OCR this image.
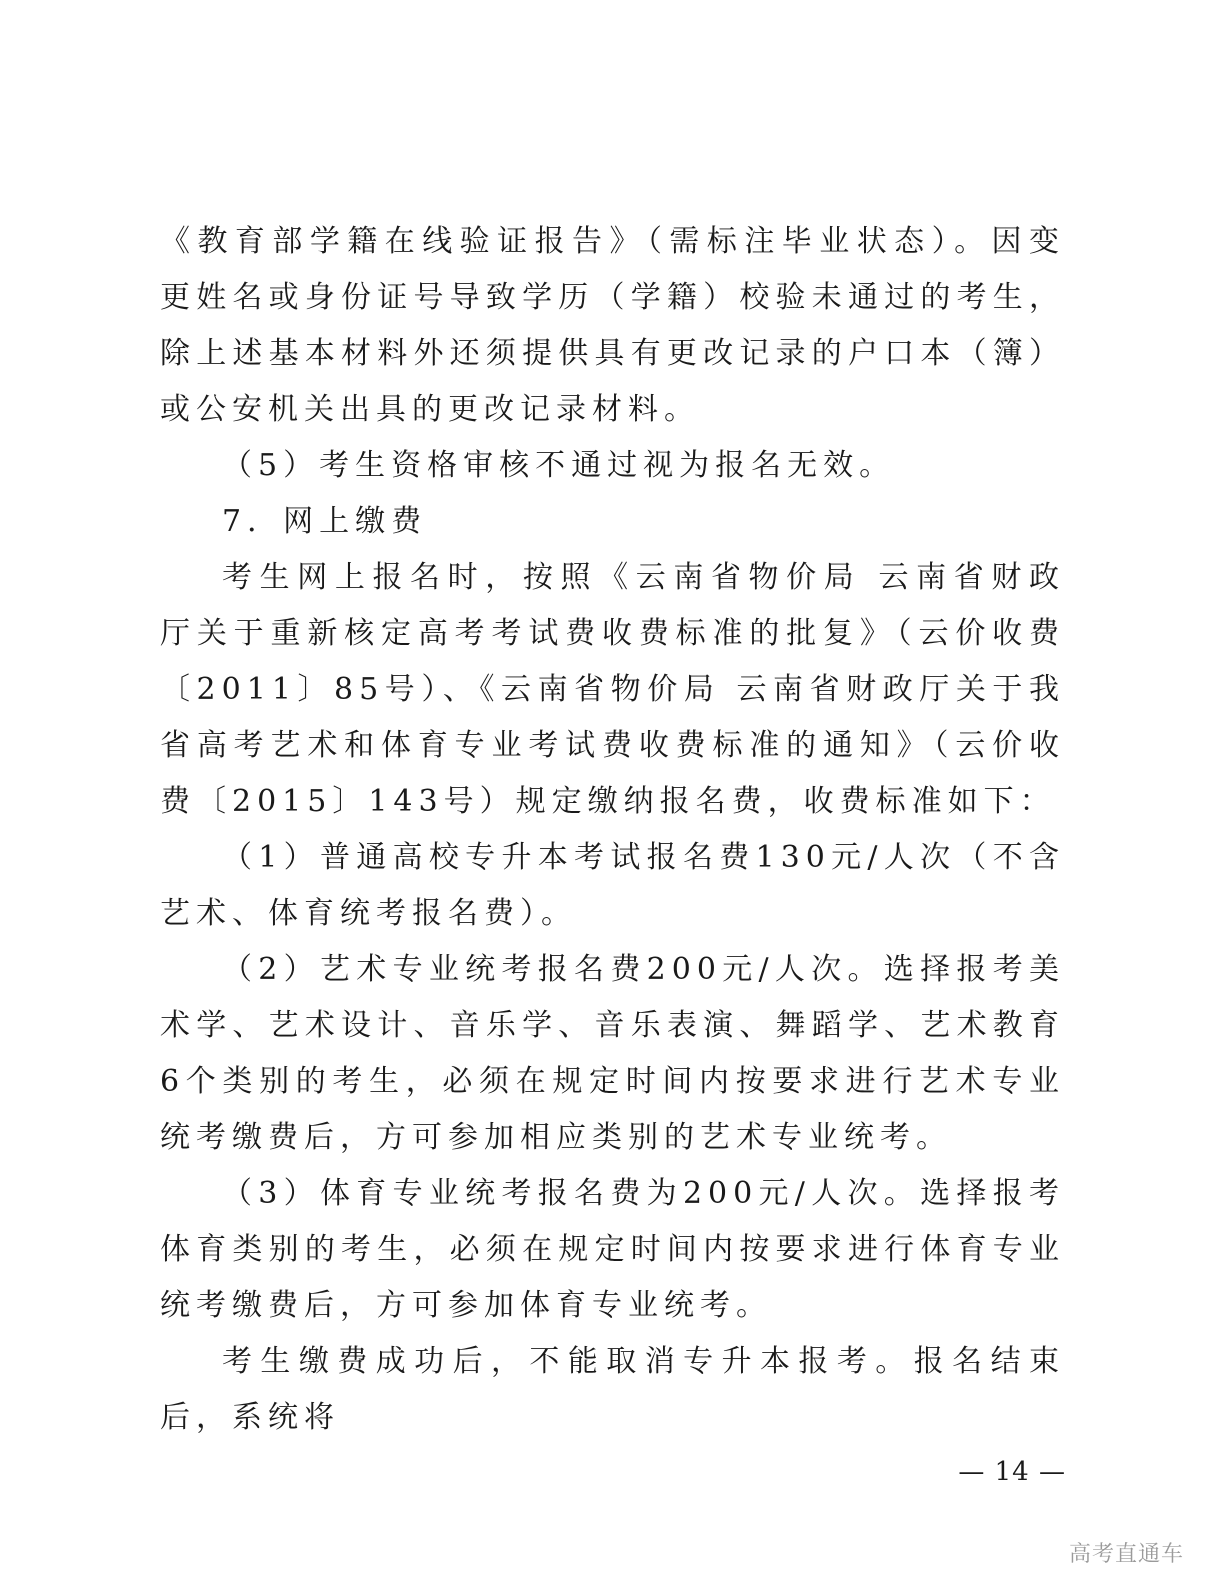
《教育部学籍在线验证报告》（需标注毕业状态）。因变更姓名或身份证号导致学历（学籍）校验未通过的考生，除上述基本材料外还须提供具有更改记录的户口本（簿）或公安机关出具的更改记录材料。

（5）考生资格审核不通过视为报名无效。

7．网上缴费

考生网上报名时，按照《云南省物价局 云南省财政厅关于重新核定高考考试费收费标准的批复》（云价收费〔2011〕85号）、《云南省物价局 云南省财政厅关于我省高考艺术和体育专业考试费收费标准的通知》（云价收费〔2015〕143号）规定缴纳报名费，收费标准如下：

（1）普通高校专升本考试报名费130元/人次（不含艺术、体育统考报名费）。

（2）艺术专业统考报名费200元/人次。选择报考美术学、艺术设计、音乐学、音乐表演、舞蹈学、艺术教育6个类别的考生，必须在规定时间内按要求进行艺术专业统考缴费后，方可参加相应类别的艺术专业统考。

（3）体育专业统考报名费为200元/人次。选择报考体育类别的考生，必须在规定时间内按要求进行体育专业统考缴费后，方可参加体育专业统考。

考生缴费成功后，不能取消专升本报考。报名结束后，系统将

— 14 —
高考直通车
